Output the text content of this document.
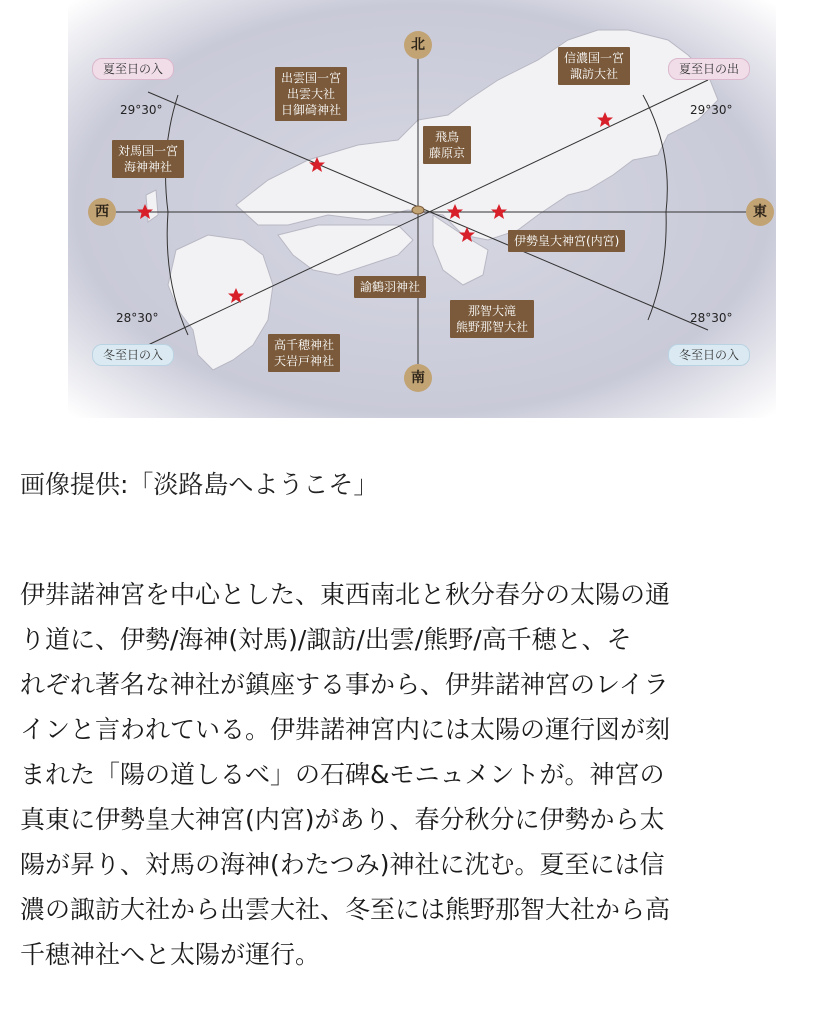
北
南
西	東
夏至日の入	夏至日の出
冬至日の入	冬至日の入
29°30°	29°30°
28°30°	28°30°
出雲国一宮
出雲大社
日御碕神社
信濃国一宮
諏訪大社
対馬国一宮
海神神社
飛鳥
藤原京
伊勢皇大神宮(内宮)
諭鶴羽神社
那智大滝
熊野那智大社
高千穂神社
天岩戸神社
画像提供:「淡路島へようこそ」
伊弉諾神宮を中心とした、東西南北と秋分春分の太陽の通
り道に、伊勢/海神(対馬)/諏訪/出雲/熊野/高千穂と、そ
れぞれ著名な神社が鎮座する事から、伊弉諾神宮のレイラ
インと言われている。伊弉諾神宮内には太陽の運行図が刻
まれた「陽の道しるべ」の石碑&モニュメントが。神宮の
真東に伊勢皇大神宮(内宮)があり、春分秋分に伊勢から太
陽が昇り、対馬の海神(わたつみ)神社に沈む。夏至には信
濃の諏訪大社から出雲大社、冬至には熊野那智大社から高
千穂神社へと太陽が運行。
